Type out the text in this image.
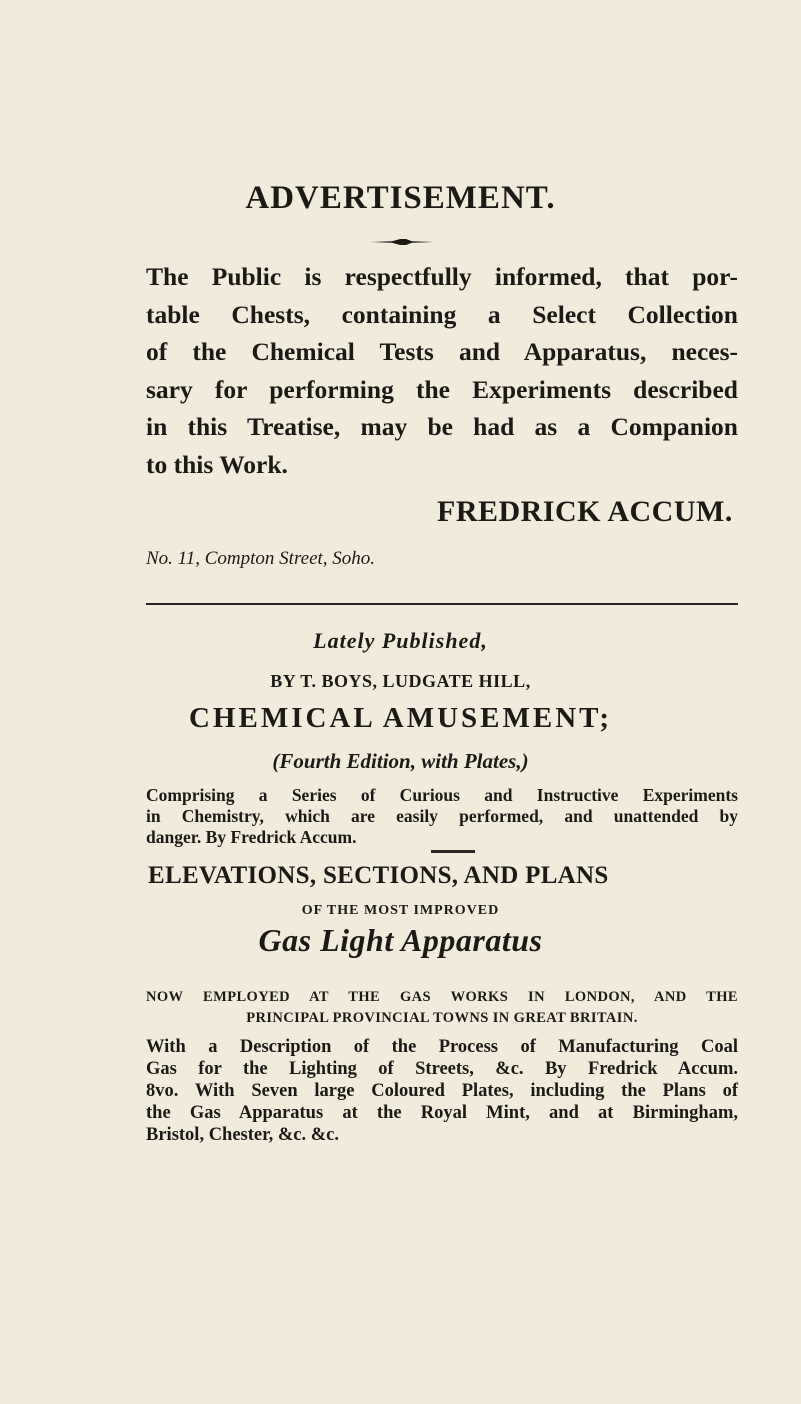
ADVERTISEMENT.
The Public is respectfully informed, that por-
table Chests, containing a Select Collection
of the Chemical Tests and Apparatus, neces-
sary for performing the Experiments described
in this Treatise, may be had as a Companion
to this Work.
FREDRICK ACCUM.
No. 11, Compton Street, Soho.
Lately Published,
BY T. BOYS, LUDGATE HILL,
CHEMICAL AMUSEMENT;
(Fourth Edition, with Plates,)
Comprising a Series of Curious and Instructive Experiments
in Chemistry, which are easily performed, and unattended by
danger. By Fredrick Accum.
ELEVATIONS, SECTIONS, AND PLANS
OF THE MOST IMPROVED
Gas Light Apparatus
NOW EMPLOYED AT THE GAS WORKS IN LONDON, AND THE
PRINCIPAL PROVINCIAL TOWNS IN GREAT BRITAIN.
With a Description of the Process of Manufacturing Coal
Gas for the Lighting of Streets, &c. By Fredrick Accum.
8vo. With Seven large Coloured Plates, including the Plans of
the Gas Apparatus at the Royal Mint, and at Birmingham,
Bristol, Chester, &c. &c.
